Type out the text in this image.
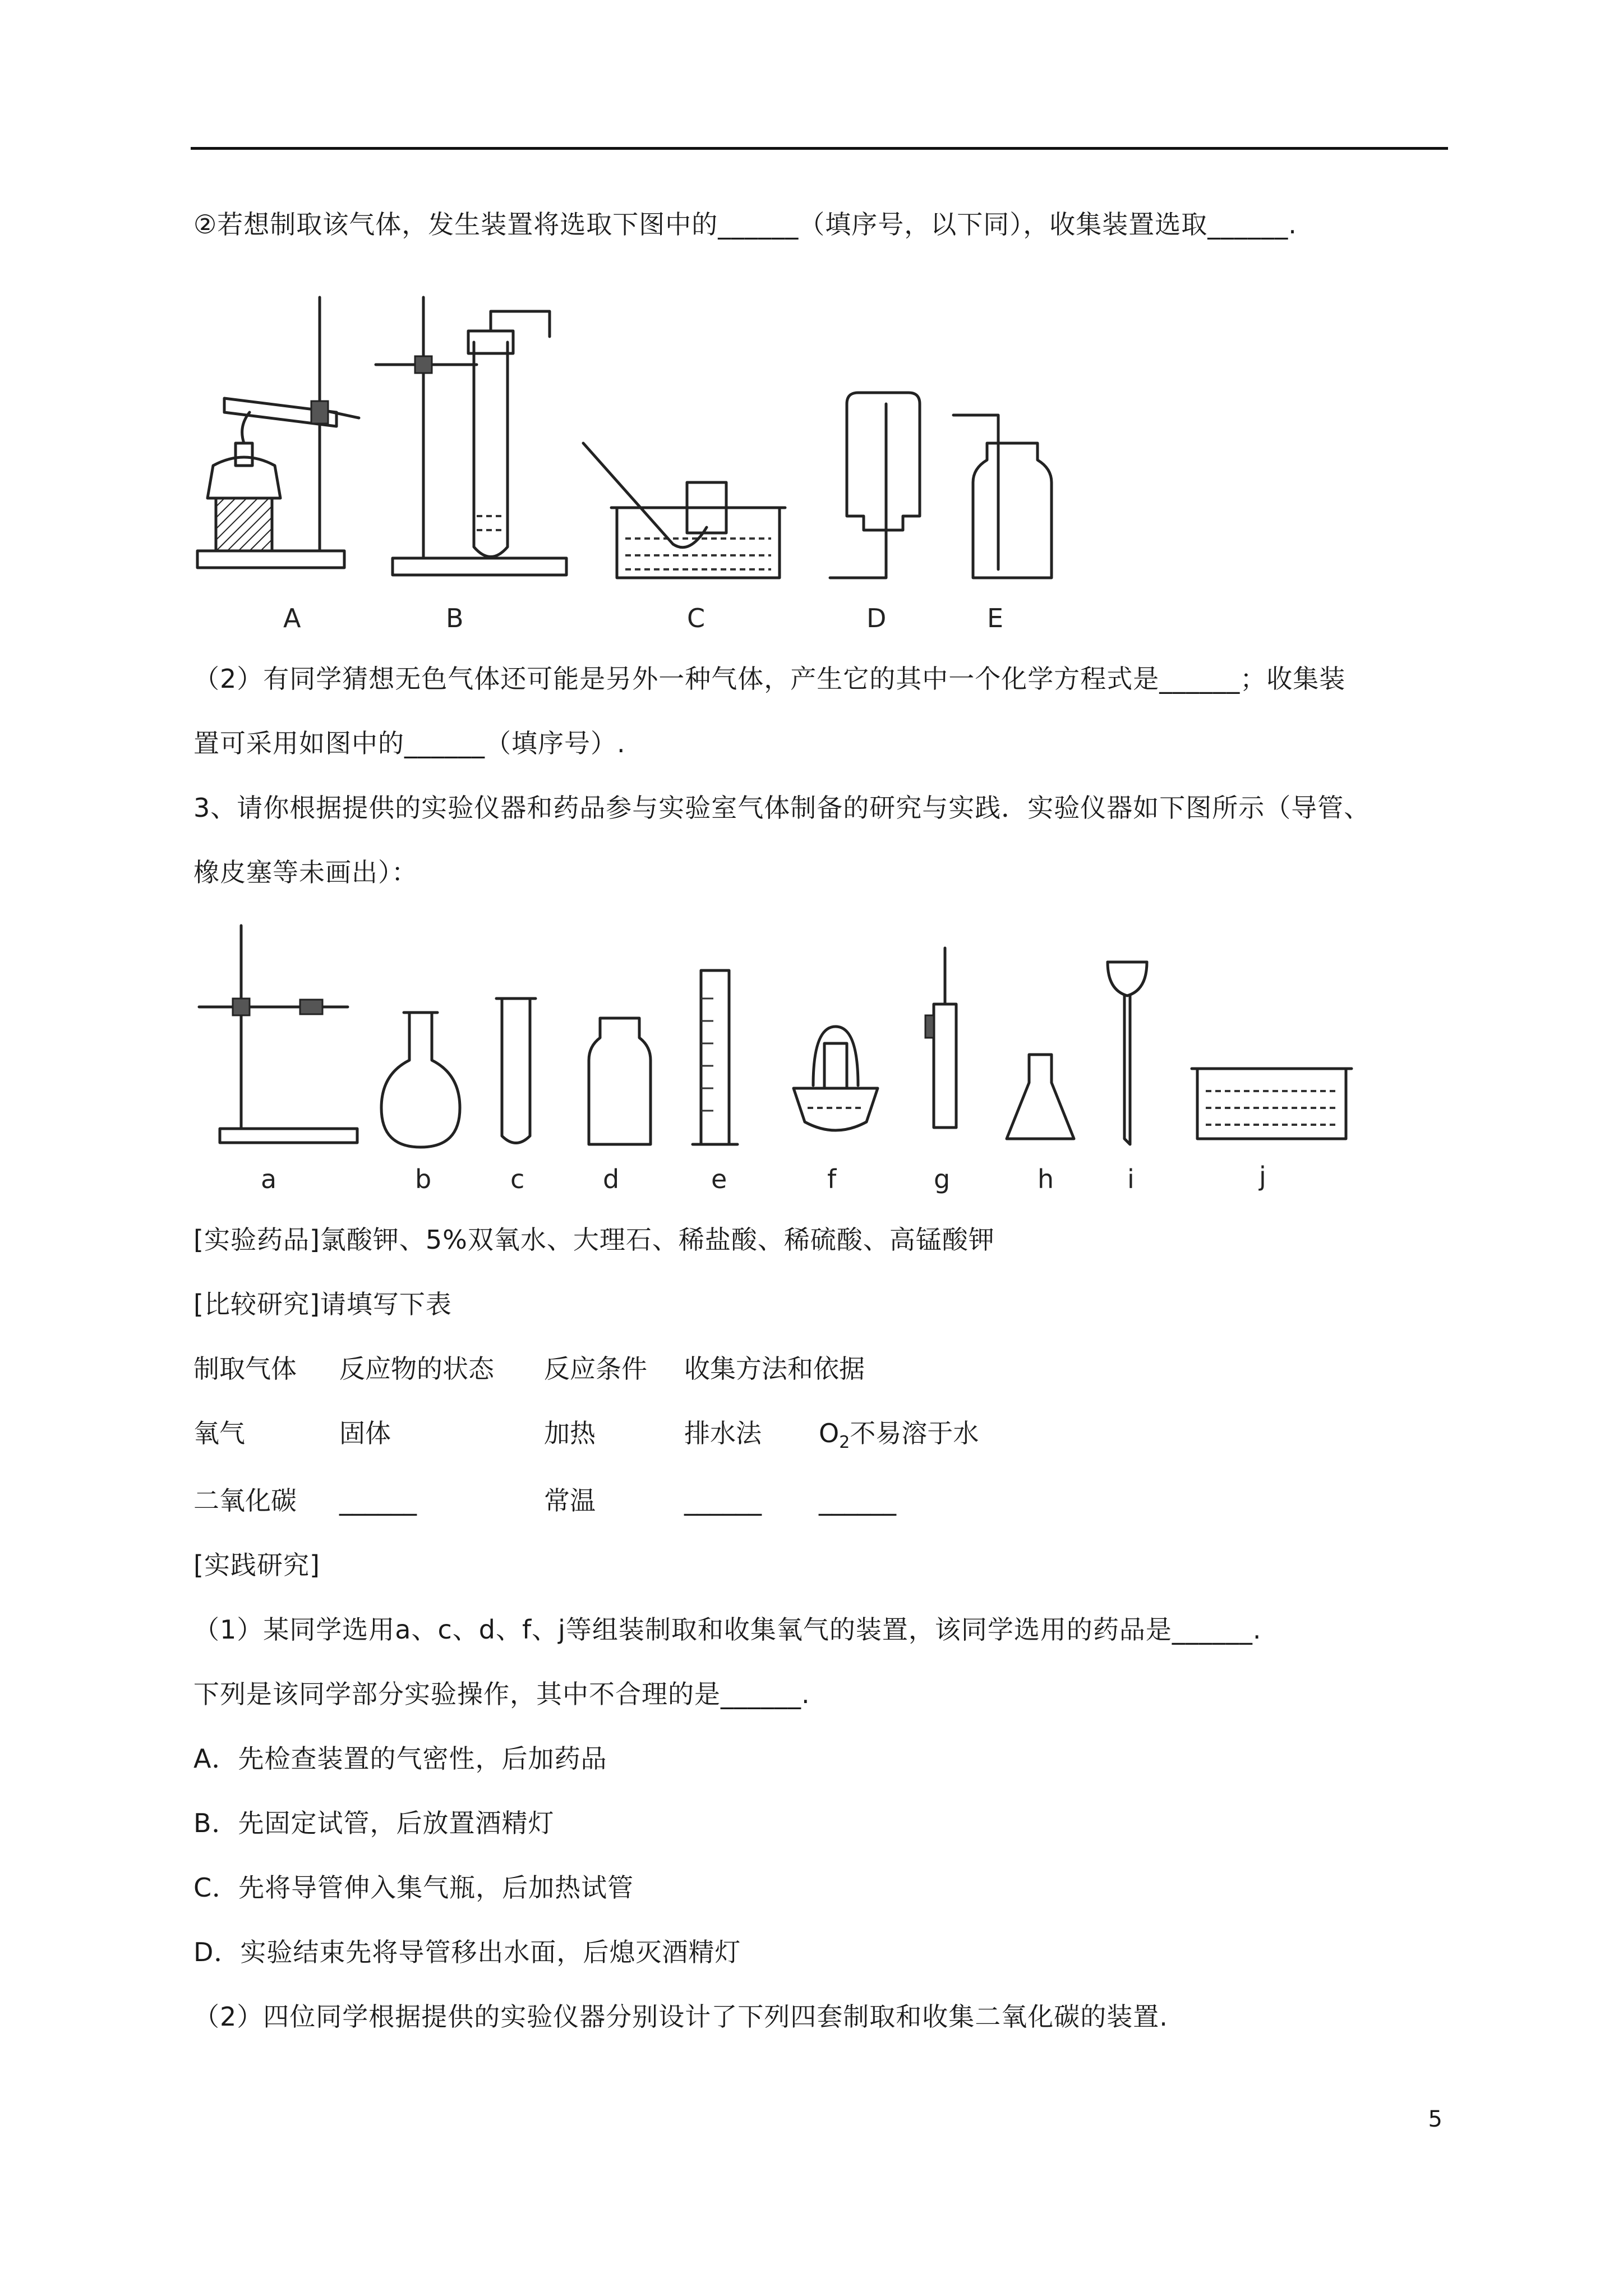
②若想制取该气体，发生装置将选取下图中的______（填序号，以下同），收集装置选取______.
A	B	C	D	E
（2）有同学猜想无色气体还可能是另外一种气体，产生它的其中一个化学方程式是______；收集装
置可采用如图中的______（填序号）.
3、请你根据提供的实验仪器和药品参与实验室气体制备的研究与实践．实验仪器如下图所示（导管、
橡皮塞等未画出）：
a	b	c	d	e	f	g	h	i	j
[实验药品]氯酸钾、5%双氧水、大理石、稀盐酸、稀硫酸、高锰酸钾
[比较研究]请填写下表
制取气体 反应物的状态 反应条件 收集方法和依据
氧气	固体	加热	排水法 $O_2$不易溶于水
二氧化碳 ______	常温	______ ______
[实践研究]
（1）某同学选用a、c、d、f、j等组装制取和收集氧气的装置，该同学选用的药品是______.
下列是该同学部分实验操作，其中不合理的是______.
A．先检查装置的气密性，后加药品
B．先固定试管，后放置酒精灯
C．先将导管伸入集气瓶，后加热试管
D．实验结束先将导管移出水面，后熄灭酒精灯
（2）四位同学根据提供的实验仪器分别设计了下列四套制取和收集二氧化碳的装置.
5
